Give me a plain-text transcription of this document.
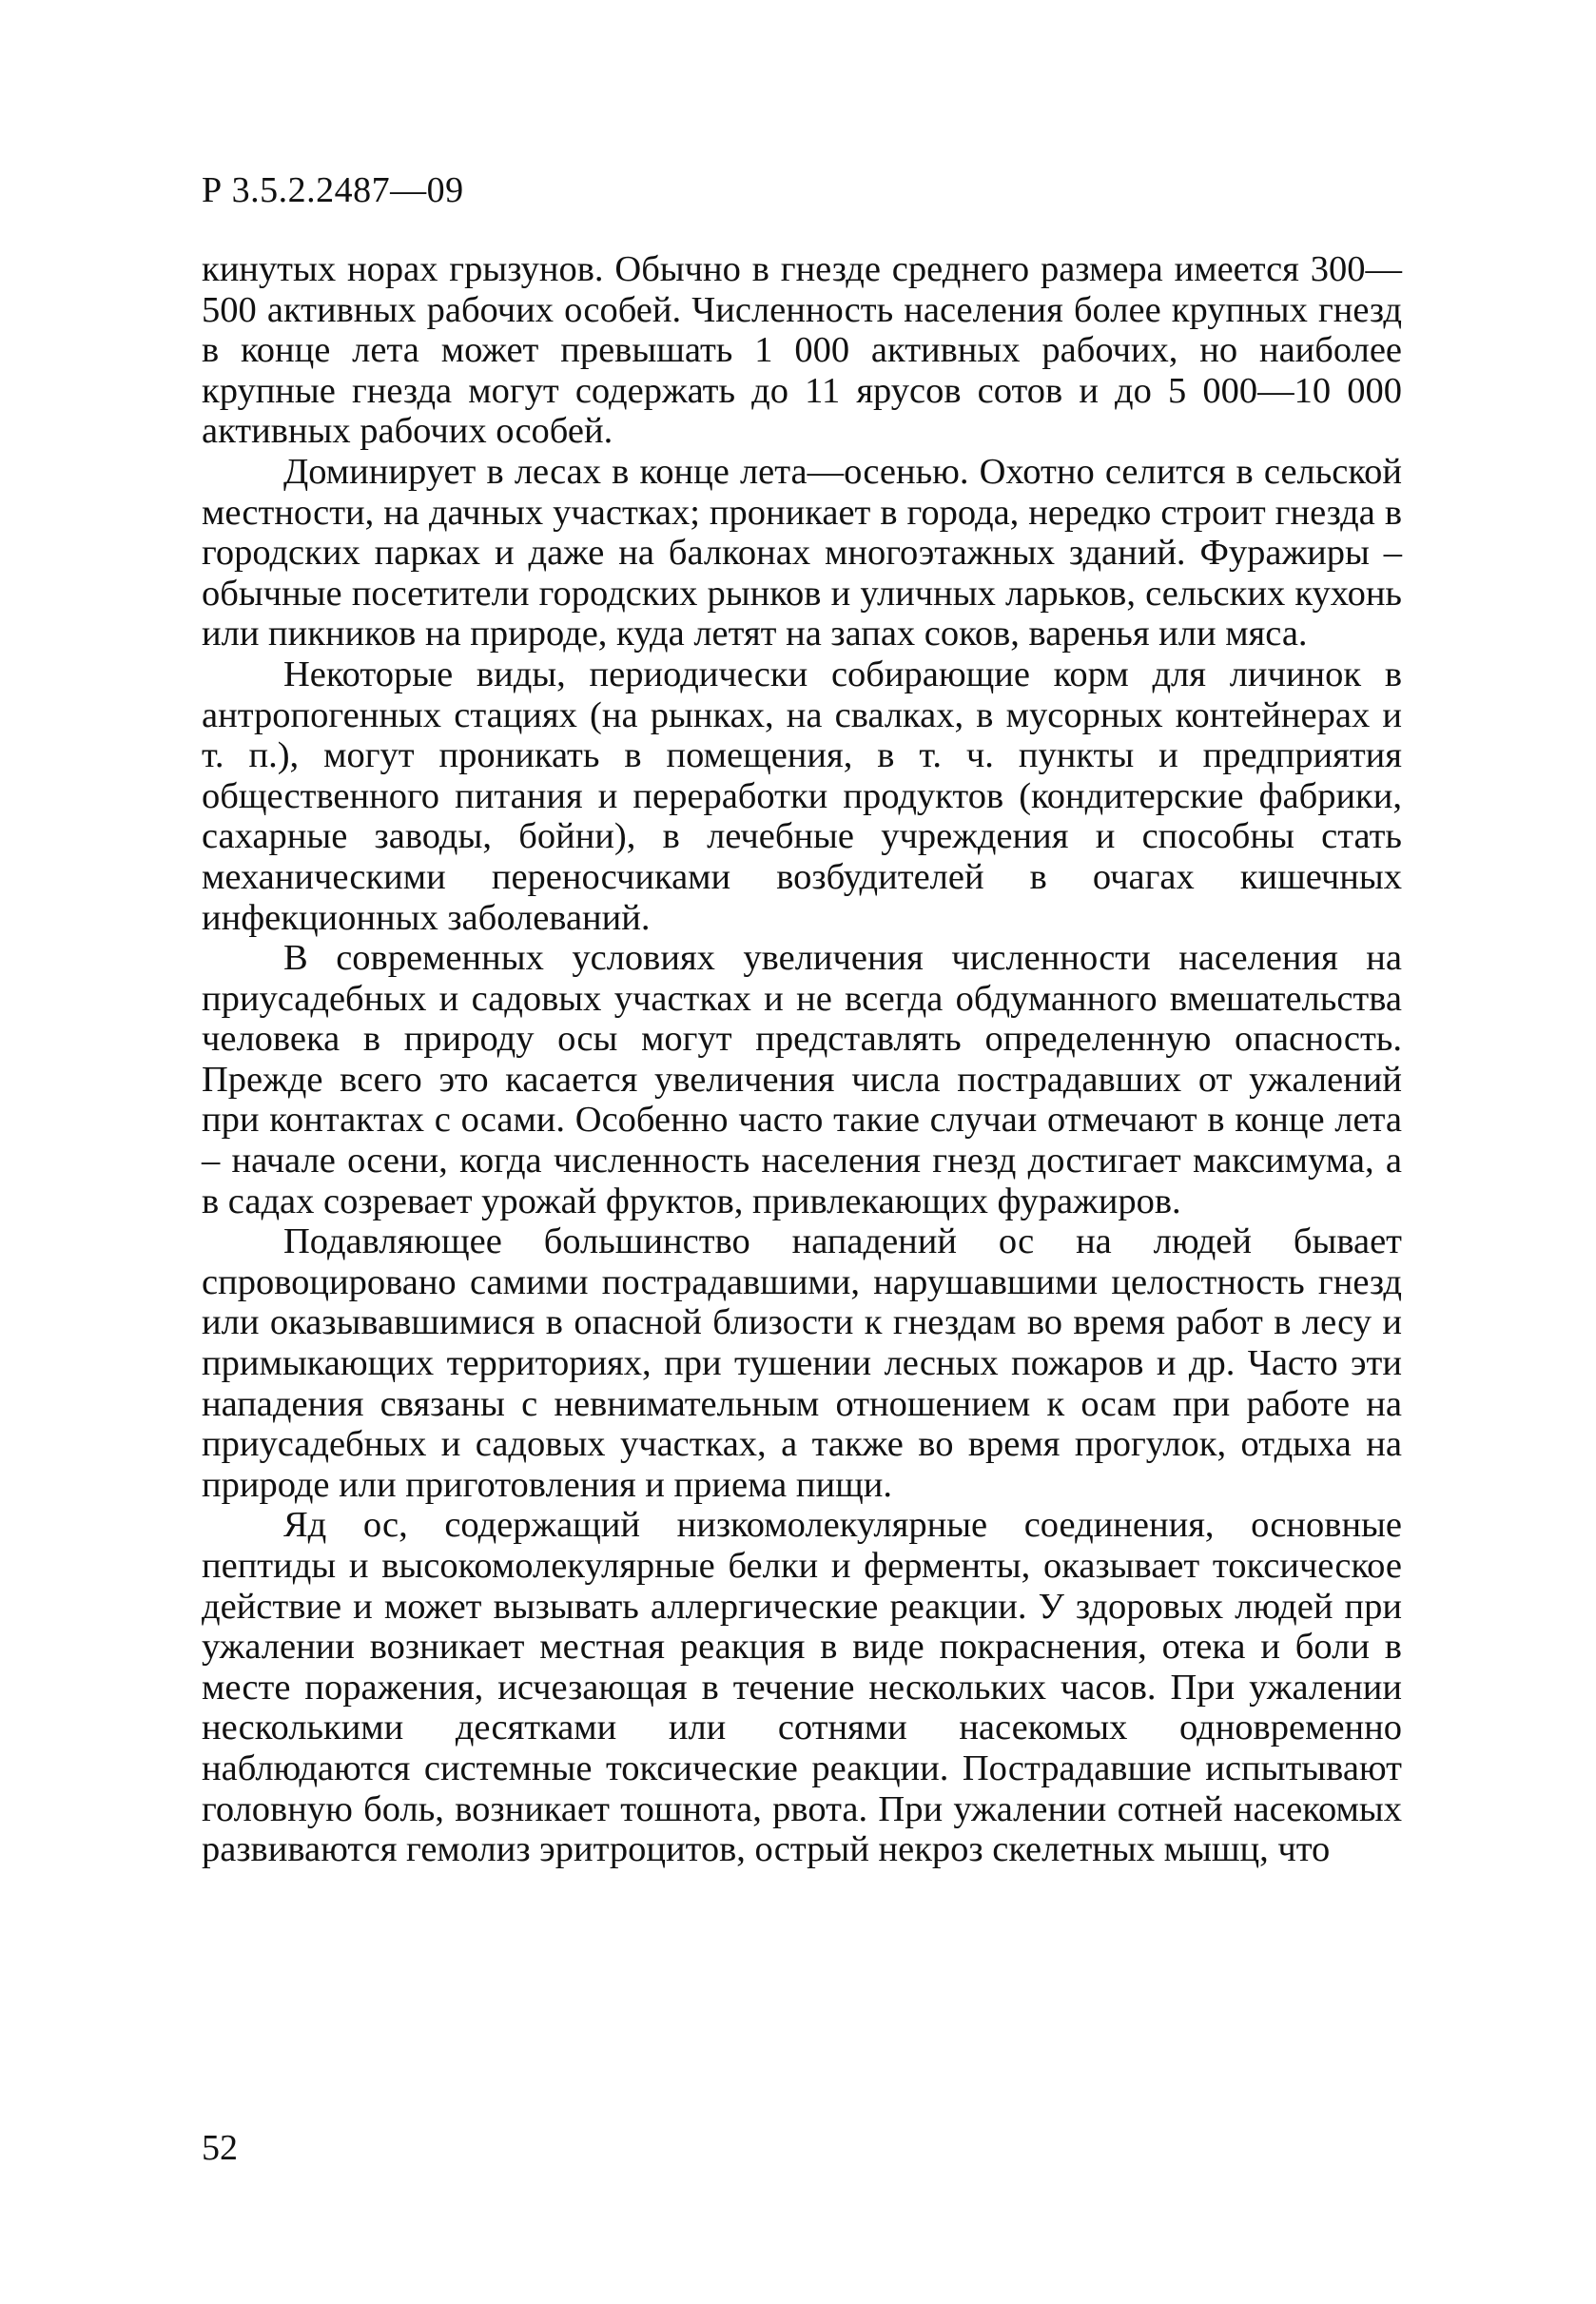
Р 3.5.2.2487—09

кинутых норах грызунов. Обычно в гнезде среднего размера имеется 300—500 активных рабочих особей. Численность населения более крупных гнезд в конце лета может превышать 1 000 активных рабочих, но наиболее крупные гнезда могут содержать до 11 ярусов сотов и до 5 000—10 000 активных рабочих особей.

Доминирует в лесах в конце лета—осенью. Охотно селится в сельской местности, на дачных участках; проникает в города, нередко строит гнезда в городских парках и даже на балконах многоэтажных зданий. Фуражиры – обычные посетители городских рынков и уличных ларьков, сельских кухонь или пикников на природе, куда летят на запах соков, варенья или мяса.

Некоторые виды, периодически собирающие корм для личинок в антропогенных стациях (на рынках, на свалках, в мусорных контейнерах и т. п.), могут проникать в помещения, в т. ч. пункты и предприятия общественного питания и переработки продуктов (кондитерские фабрики, сахарные заводы, бойни), в лечебные учреждения и способны стать механическими переносчиками возбудителей в очагах кишечных инфекционных заболеваний.

В современных условиях увеличения численности населения на приусадебных и садовых участках и не всегда обдуманного вмешательства человека в природу осы могут представлять определенную опасность. Прежде всего это касается увеличения числа пострадавших от ужалений при контактах с осами. Особенно часто такие случаи отмечают в конце лета – начале осени, когда численность населения гнезд достигает максимума, а в садах созревает урожай фруктов, привлекающих фуражиров.

Подавляющее большинство нападений ос на людей бывает спровоцировано самими пострадавшими, нарушавшими целостность гнезд или оказывавшимися в опасной близости к гнездам во время работ в лесу и примыкающих территориях, при тушении лесных пожаров и др. Часто эти нападения связаны с невнимательным отношением к осам при работе на приусадебных и садовых участках, а также во время прогулок, отдыха на природе или приготовления и приема пищи.

Яд ос, содержащий низкомолекулярные соединения, основные пептиды и высокомолекулярные белки и ферменты, оказывает токсическое действие и может вызывать аллергические реакции. У здоровых людей при ужалении возникает местная реакция в виде покраснения, отека и боли в месте поражения, исчезающая в течение нескольких часов. При ужалении несколькими десятками или сотнями насекомых одновременно наблюдаются системные токсические реакции. Пострадавшие испытывают головную боль, возникает тошнота, рвота. При ужалении сотней насекомых развиваются гемолиз эритроцитов, острый некроз скелетных мышц, что

52
